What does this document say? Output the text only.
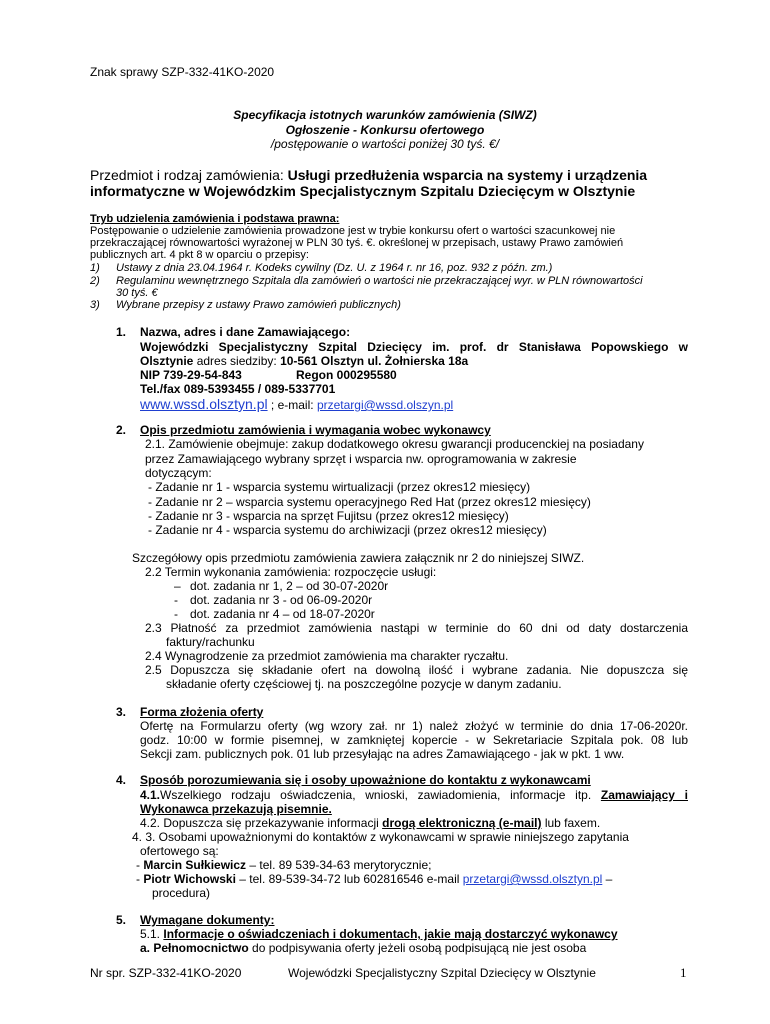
Znak sprawy SZP-332-41KO-2020
Specyfikacja istotnych warunków zamówienia (SIWZ)
Ogłoszenie - Konkursu ofertowego
/postępowanie o wartości poniżej 30 tyś. €/
Przedmiot i rodzaj zamówienia: Usługi przedłużenia wsparcia na systemy i urządzenia
informatyczne w Wojewódzkim Specjalistycznym Szpitalu Dziecięcym w Olsztynie
Tryb udzielenia zamówienia i podstawa prawna:
Postępowanie o udzielenie zamówienia prowadzone jest w trybie konkursu ofert o wartości szacunkowej nie
przekraczającej równowartości wyrażonej w PLN 30 tyś. €. określonej w przepisach, ustawy Prawo zamówień
publicznych art. 4 pkt 8 w oparciu o przepisy:
1) Ustawy z dnia 23.04.1964 r. Kodeks cywilny (Dz. U. z 1964 r. nr 16, poz. 932 z późn. zm.)
2) Regulaminu wewnętrznego Szpitala dla zamówień o wartości nie przekraczającej wyr. w PLN równowartości
30 tyś. €
3) Wybrane przepisy z ustawy Prawo zamówień publicznych)
1. Nazwa, adres i dane Zamawiającego:
Wojewódzki Specjalistyczny Szpital Dziecięcy im. prof. dr Stanisława Popowskiego w
Olsztynie adres siedziby: 10-561 Olsztyn ul. Żołnierska 18a
NIP 739-29-54-843	Regon 000295580
Tel./fax 089-5393455 / 089-5337701
www.wssd.olsztyn.pl ; e-mail: przetargi@wssd.olszyn.pl
2. Opis przedmiotu zamówienia i wymagania wobec wykonawcy
2.1. Zamówienie obejmuje: zakup dodatkowego okresu gwarancji producenckiej na posiadany
przez Zamawiającego wybrany sprzęt i wsparcia nw. oprogramowania w zakresie
dotyczącym:
- Zadanie nr 1 - wsparcia systemu wirtualizacji (przez okres12 miesięcy)
- Zadanie nr 2 – wsparcia systemu operacyjnego Red Hat (przez okres12 miesięcy)
- Zadanie nr 3 - wsparcia na sprzęt Fujitsu (przez okres12 miesięcy)
- Zadanie nr 4 - wsparcia systemu do archiwizacji (przez okres12 miesięcy)
Szczegółowy opis przedmiotu zamówienia zawiera załącznik nr 2 do niniejszej SIWZ.
2.2 Termin wykonania zamówienia: rozpoczęcie usługi:
– dot. zadania nr 1, 2 – od 30-07-2020r
- dot. zadania nr 3 - od 06-09-2020r
- dot. zadania nr 4 – od 18-07-2020r
2.3 Płatność za przedmiot zamówienia nastąpi w terminie do 60 dni od daty dostarczenia
faktury/rachunku
2.4 Wynagrodzenie za przedmiot zamówienia ma charakter ryczałtu.
2.5 Dopuszcza się składanie ofert na dowolną ilość i wybrane zadania. Nie dopuszcza się
składanie oferty częściowej tj. na poszczególne pozycje w danym zadaniu.
3. Forma złożenia oferty
Ofertę na Formularzu oferty (wg wzory zał. nr 1) należ złożyć w terminie do dnia 17-06-2020r.
godz. 10:00 w formie pisemnej, w zamkniętej kopercie - w Sekretariacie Szpitala pok. 08 lub
Sekcji zam. publicznych pok. 01 lub przesyłając na adres Zamawiającego - jak w pkt. 1 ww.
4. Sposób porozumiewania się i osoby upoważnione do kontaktu z wykonawcami
4.1.Wszelkiego rodzaju oświadczenia, wnioski, zawiadomienia, informacje itp. Zamawiający i
Wykonawca przekazują pisemnie.
4.2. Dopuszcza się przekazywanie informacji drogą elektroniczną (e-mail) lub faxem.
4. 3. Osobami upoważnionymi do kontaktów z wykonawcami w sprawie niniejszego zapytania
ofertowego są:
- Marcin Sułkiewicz – tel. 89 539-34-63 merytorycznie;
- Piotr Wichowski – tel. 89-539-34-72 lub 602816546 e-mail przetargi@wssd.olsztyn.pl –
procedura)
5. Wymagane dokumenty:
5.1. Informacje o oświadczeniach i dokumentach, jakie mają dostarczyć wykonawcy
a. Pełnomocnictwo do podpisywania oferty jeżeli osobą podpisującą nie jest osoba
Nr spr. SZP-332-41KO-2020	Wojewódzki Specjalistyczny Szpital Dziecięcy w Olsztynie	1
